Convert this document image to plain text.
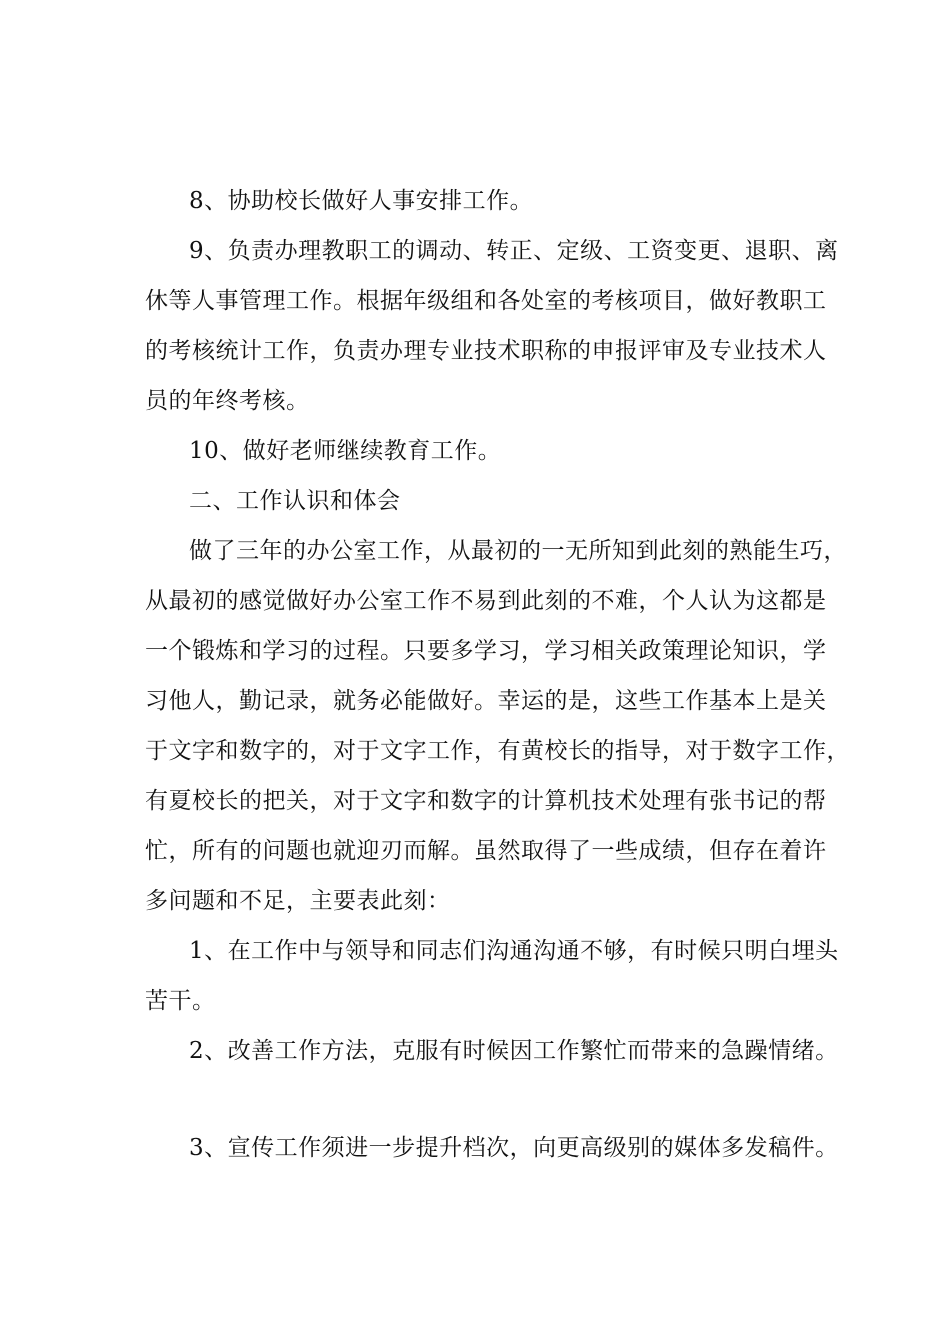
8、协助校长做好人事安排工作。
9、负责办理教职工的调动、转正、定级、工资变更、退职、离
休等人事管理工作。根据年级组和各处室的考核项目，做好教职工
的考核统计工作，负责办理专业技术职称的申报评审及专业技术人
员的年终考核。
10、做好老师继续教育工作。
二、工作认识和体会
做了三年的办公室工作，从最初的一无所知到此刻的熟能生巧，
从最初的感觉做好办公室工作不易到此刻的不难，个人认为这都是
一个锻炼和学习的过程。只要多学习，学习相关政策理论知识，学
习他人，勤记录，就务必能做好。幸运的是，这些工作基本上是关
于文字和数字的，对于文字工作，有黄校长的指导，对于数字工作，
有夏校长的把关，对于文字和数字的计算机技术处理有张书记的帮
忙，所有的问题也就迎刃而解。虽然取得了一些成绩，但存在着许
多问题和不足，主要表此刻：
1、在工作中与领导和同志们沟通沟通不够，有时候只明白埋头
苦干。
2、改善工作方法，克服有时候因工作繁忙而带来的急躁情绪。
3、宣传工作须进一步提升档次，向更高级别的媒体多发稿件。
